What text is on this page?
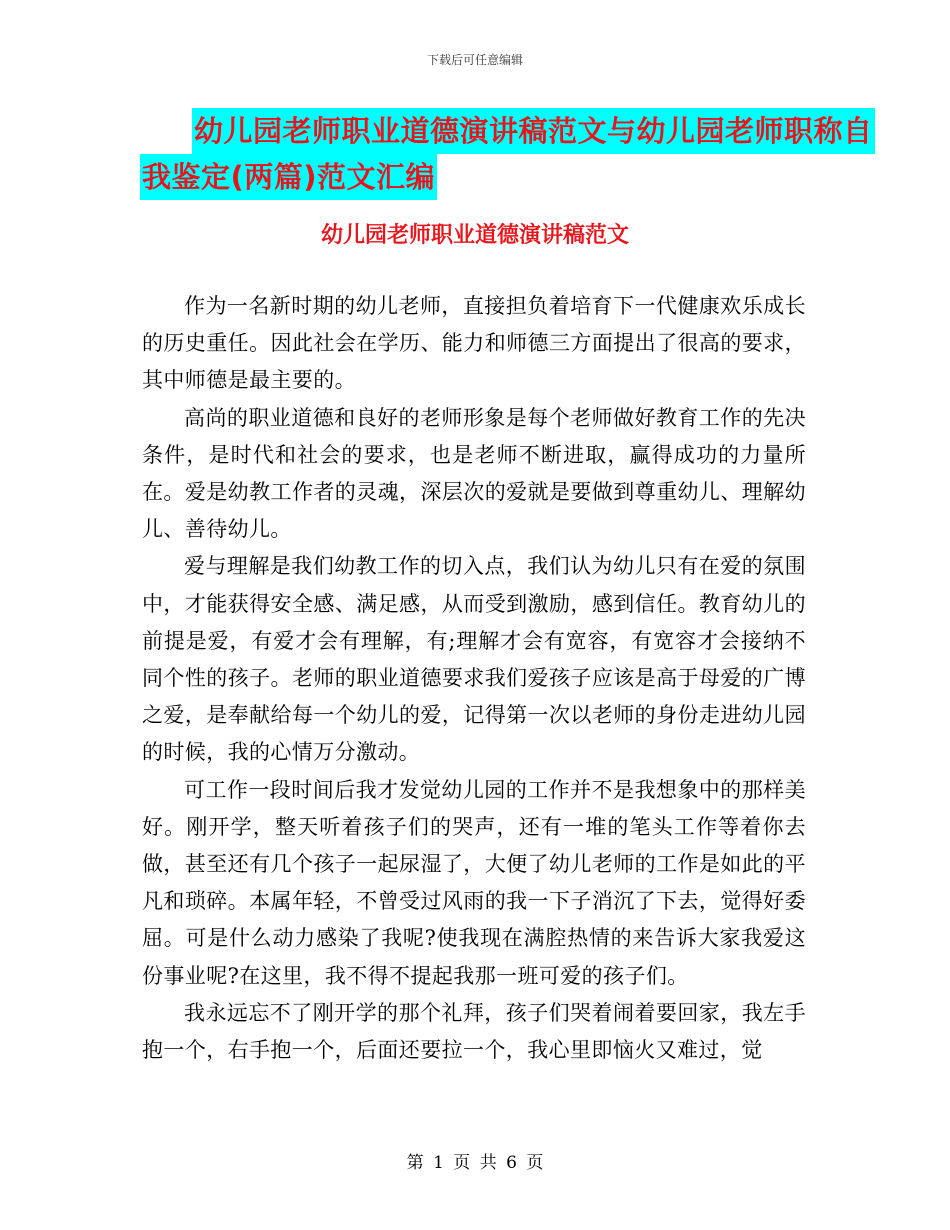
下载后可任意编辑
幼儿园老师职业道德演讲稿范文与幼儿园老师职称自
我鉴定(两篇)范文汇编
幼儿园老师职业道德演讲稿范文

作为一名新时期的幼儿老师，直接担负着培育下一代健康欢乐成长的历史重任。因此社会在学历、能力和师德三方面提出了很高的要求，其中师德是最主要的。

高尚的职业道德和良好的老师形象是每个老师做好教育工作的先决条件，是时代和社会的要求，也是老师不断进取，赢得成功的力量所在。爱是幼教工作者的灵魂，深层次的爱就是要做到尊重幼儿、理解幼儿、善待幼儿。

爱与理解是我们幼教工作的切入点，我们认为幼儿只有在爱的氛围中，才能获得安全感、满足感，从而受到激励，感到信任。教育幼儿的前提是爱，有爱才会有理解，有;理解才会有宽容，有宽容才会接纳不同个性的孩子。老师的职业道德要求我们爱孩子应该是高于母爱的广博之爱，是奉献给每一个幼儿的爱，记得第一次以老师的身份走进幼儿园的时候，我的心情万分激动。

可工作一段时间后我才发觉幼儿园的工作并不是我想象中的那样美好。刚开学，整天听着孩子们的哭声，还有一堆的笔头工作等着你去做，甚至还有几个孩子一起尿湿了，大便了幼儿老师的工作是如此的平凡和琐碎。本属年轻，不曾受过风雨的我一下子消沉了下去，觉得好委屈。可是什么动力感染了我呢?使我现在满腔热情的来告诉大家我爱这份事业呢?在这里，我不得不提起我那一班可爱的孩子们。

我永远忘不了刚开学的那个礼拜，孩子们哭着闹着要回家，我左手抱一个，右手抱一个，后面还要拉一个，我心里即恼火又难过，觉

第 1 页 共 6 页
